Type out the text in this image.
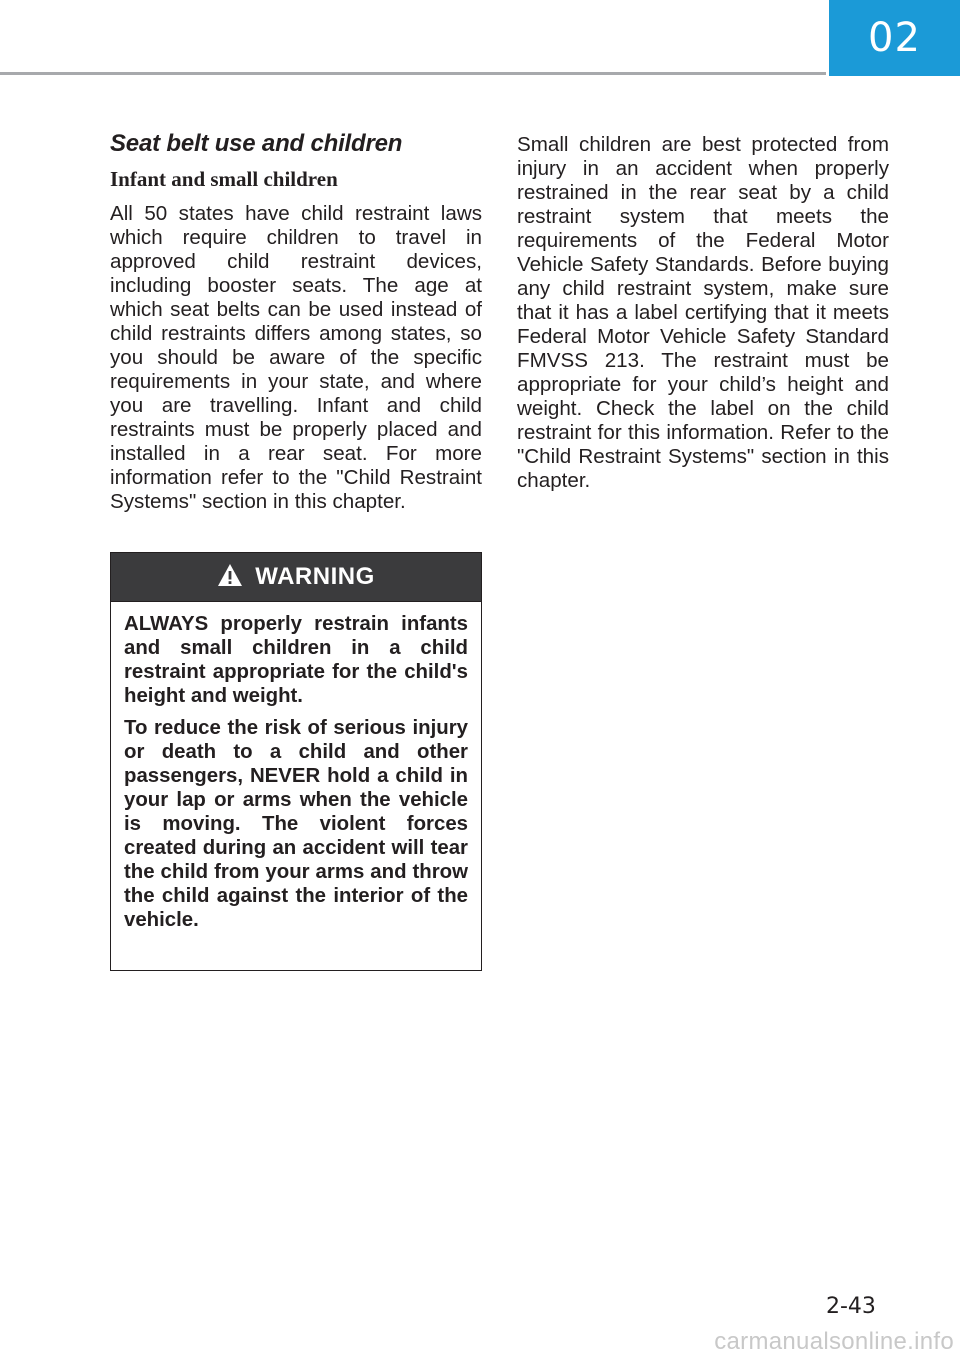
02
Seat belt use and children
Infant and small children

All 50 states have child restraint laws which require children to travel in approved child restraint devices, including booster seats. The age at which seat belts can be used instead of child restraints differs among states, so you should be aware of the specific requirements in your state, and where you are travelling. Infant and child restraints must be properly placed and installed in a rear seat. For more information refer to the "Child Restraint Systems" section in this chapter.

WARNING

ALWAYS properly restrain infants and small children in a child restraint appropriate for the child's height and weight.

To reduce the risk of serious injury or death to a child and other passengers, NEVER hold a child in your lap or arms when the vehicle is moving. The violent forces created during an accident will tear the child from your arms and throw the child against the interior of the vehicle.

Small children are best protected from injury in an accident when properly restrained in the rear seat by a child restraint system that meets the requirements of the Federal Motor Vehicle Safety Standards. Before buying any child restraint system, make sure that it has a label certifying that it meets Federal Motor Vehicle Safety Standard FMVSS 213. The restraint must be appropriate for your child’s height and weight. Check the label on the child restraint for this information. Refer to the "Child Restraint Systems" section in this chapter.

2-43
carmanualsonline.info
